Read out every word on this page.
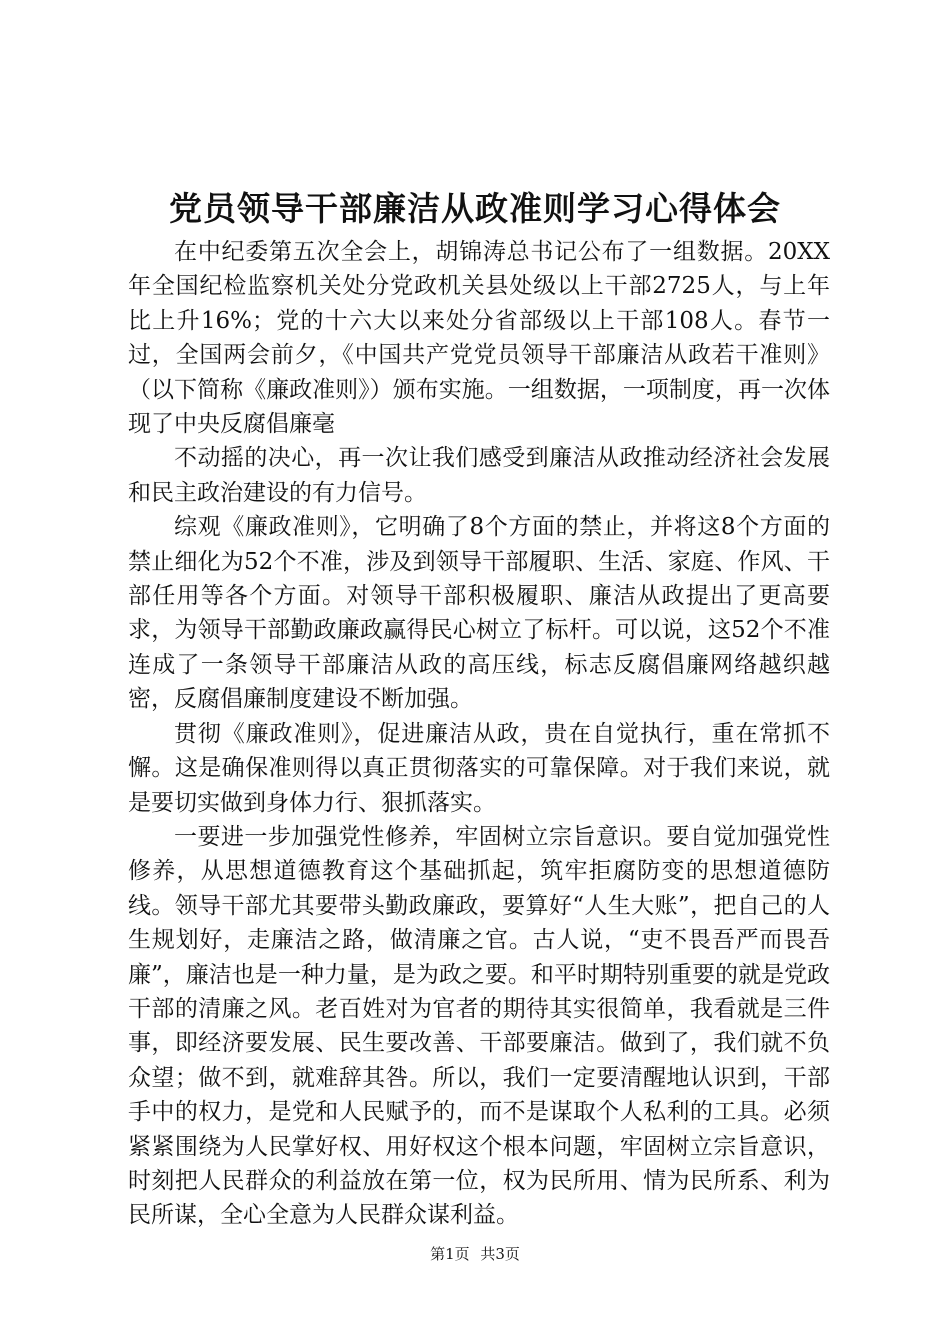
党员领导干部廉洁从政准则学习心得体会

在中纪委第五次全会上，胡锦涛总书记公布了一组数据。20XX年全国纪检监察机关处分党政机关县处级以上干部2725人，与上年比上升16%；党的十六大以来处分省部级以上干部108人。春节一过，全国两会前夕，《中国共产党党员领导干部廉洁从政若干准则》（以下简称《廉政准则》）颁布实施。一组数据，一项制度，再一次体现了中央反腐倡廉毫

不动摇的决心，再一次让我们感受到廉洁从政推动经济社会发展和民主政治建设的有力信号。

综观《廉政准则》，它明确了8个方面的禁止，并将这8个方面的禁止细化为52个不准，涉及到领导干部履职、生活、家庭、作风、干部任用等各个方面。对领导干部积极履职、廉洁从政提出了更高要求，为领导干部勤政廉政赢得民心树立了标杆。可以说，这52个不准连成了一条领导干部廉洁从政的高压线，标志反腐倡廉网络越织越密，反腐倡廉制度建设不断加强。

贯彻《廉政准则》，促进廉洁从政，贵在自觉执行，重在常抓不懈。这是确保准则得以真正贯彻落实的可靠保障。对于我们来说，就是要切实做到身体力行、狠抓落实。

一要进一步加强党性修养，牢固树立宗旨意识。要自觉加强党性修养，从思想道德教育这个基础抓起，筑牢拒腐防变的思想道德防线。领导干部尤其要带头勤政廉政，要算好“人生大账”，把自己的人生规划好，走廉洁之路，做清廉之官。古人说，“吏不畏吾严而畏吾廉”，廉洁也是一种力量，是为政之要。和平时期特别重要的就是党政干部的清廉之风。老百姓对为官者的期待其实很简单，我看就是三件事，即经济要发展、民生要改善、干部要廉洁。做到了，我们就不负众望；做不到，就难辞其咎。所以，我们一定要清醒地认识到，干部手中的权力，是党和人民赋予的，而不是谋取个人私利的工具。必须紧紧围绕为人民掌好权、用好权这个根本问题，牢固树立宗旨意识，时刻把人民群众的利益放在第一位，权为民所用、情为民所系、利为民所谋，全心全意为人民群众谋利益。

第1页 共3页
